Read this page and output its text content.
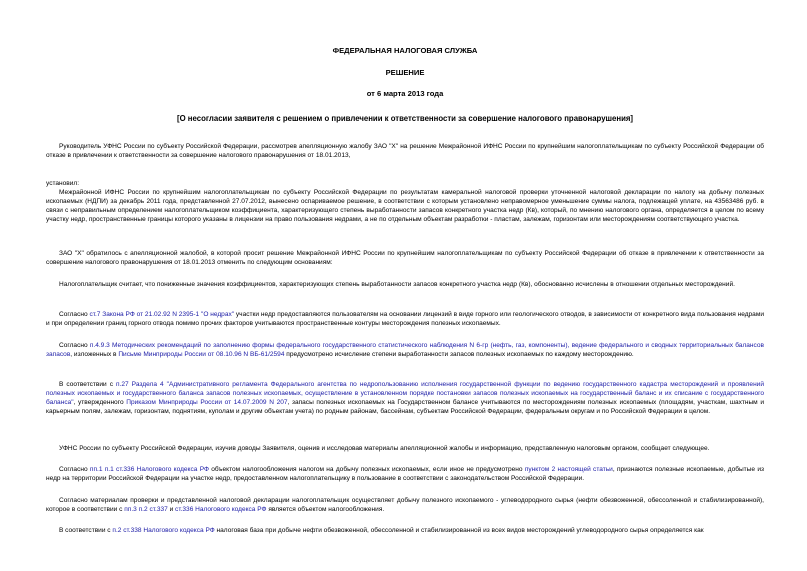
ФЕДЕРАЛЬНАЯ НАЛОГОВАЯ СЛУЖБА
РЕШЕНИЕ
от 6 марта 2013 года
[О несогласии заявителя с решением о привлечении к ответственности за совершение налогового правонарушения]
Руководитель УФНС России по субъекту Российской Федерации, рассмотрев апелляционную жалобу ЗАО "X" на решение Межрайонной ИФНС России по крупнейшим налогоплательщикам по субъекту Российской Федерации об отказе в привлечении к ответственности за совершение налогового правонарушения от 18.01.2013,
установил:
Межрайонной ИФНС России по крупнейшим налогоплательщикам по субъекту Российской Федерации по результатам камеральной налоговой проверки уточненной налоговой декларации по налогу на добычу полезных ископаемых (НДПИ) за декабрь 2011 года, представленной 27.07.2012, вынесено оспариваемое решение, в соответствии с которым установлено неправомерное уменьшение суммы налога, подлежащей уплате, на 43563486 руб. в связи с неправильным определением налогоплательщиком коэффициента, характеризующего степень выработанности запасов конкретного участка недр (Кв), который, по мнению налогового органа, определяется в целом по всему участку недр, пространственные границы которого указаны в лицензии на право пользования недрами, а не по отдельным объектам разработки - пластам, залежам, горизонтам или месторождениям соответствующего участка.
ЗАО "X" обратилось с апелляционной жалобой, в которой просит решение Межрайонной ИФНС России по крупнейшим налогоплательщикам по субъекту Российской Федерации об отказе в привлечении к ответственности за совершение налогового правонарушения от 18.01.2013 отменить по следующим основаниям:
Налогоплательщик считает, что пониженные значения коэффициентов, характеризующих степень выработанности запасов конкретного участка недр (Кв), обоснованно исчислены в отношении отдельных месторождений.
Согласно ст.7 Закона РФ от 21.02.92 N 2395-1 "О недрах" участки недр предоставляются пользователям на основании лицензий в виде горного или геологического отводов, в зависимости от конкретного вида пользования недрами и при определении границ горного отвода помимо прочих факторов учитываются пространственные контуры месторождения полезных ископаемых.
Согласно п.4.9.3 Методических рекомендаций по заполнению формы федерального государственного статистического наблюдения N 6-гр (нефть, газ, компоненты), ведение федерального и сводных территориальных балансов запасов, изложенных в Письме Минприроды России от 08.10.96 N ВБ-61/2594 предусмотрено исчисление степени выработанности запасов полезных ископаемых по каждому месторождению.
В соответствии с п.27 Раздела 4 "Административного регламента Федерального агентства по недропользованию исполнения государственной функции по ведению государственного кадастра месторождений и проявлений полезных ископаемых и государственного баланса запасов полезных ископаемых, осуществление в установленном порядке постановки запасов полезных ископаемых на государственный баланс и их списание с государственного баланса", утвержденного Приказом Минприроды России от 14.07.2009 N 207, запасы полезных ископаемых на Государственном балансе учитываются по месторождениям полезных ископаемых (площадям, участкам, шахтным и карьерным полям, залежам, горизонтам, поднятиям, куполам и другим объектам учета) по родным районам, бассейнам, субъектам Российской Федерации, федеральным округам и по Российской Федерации в целом.
УФНС России по субъекту Российской Федерации, изучив доводы Заявителя, оценив и исследовав материалы апелляционной жалобы и информацию, представленную налоговым органом, сообщает следующее.
Согласно пп.1 п.1 ст.336 Налогового кодекса РФ объектом налогообложения налогом на добычу полезных ископаемых, если иное не предусмотрено пунктом 2 настоящей статьи, признаются полезные ископаемые, добытые из недр на территории Российской Федерации на участке недр, предоставленном налогоплательщику в пользование в соответствии с законодательством Российской Федерации.
Согласно материалам проверки и представленной налоговой декларации налогоплательщик осуществляет добычу полезного ископаемого - углеводородного сырья (нефти обезвоженной, обессоленной и стабилизированной), которое в соответствии с пп.3 п.2 ст.337 и ст.336 Налогового кодекса РФ является объектом налогообложения.
В соответствии с п.2 ст.338 Налогового кодекса РФ налоговая база при добыче нефти обезвоженной, обессоленной и стабилизированной из всех видов месторождений углеводородного сырья определяется как
